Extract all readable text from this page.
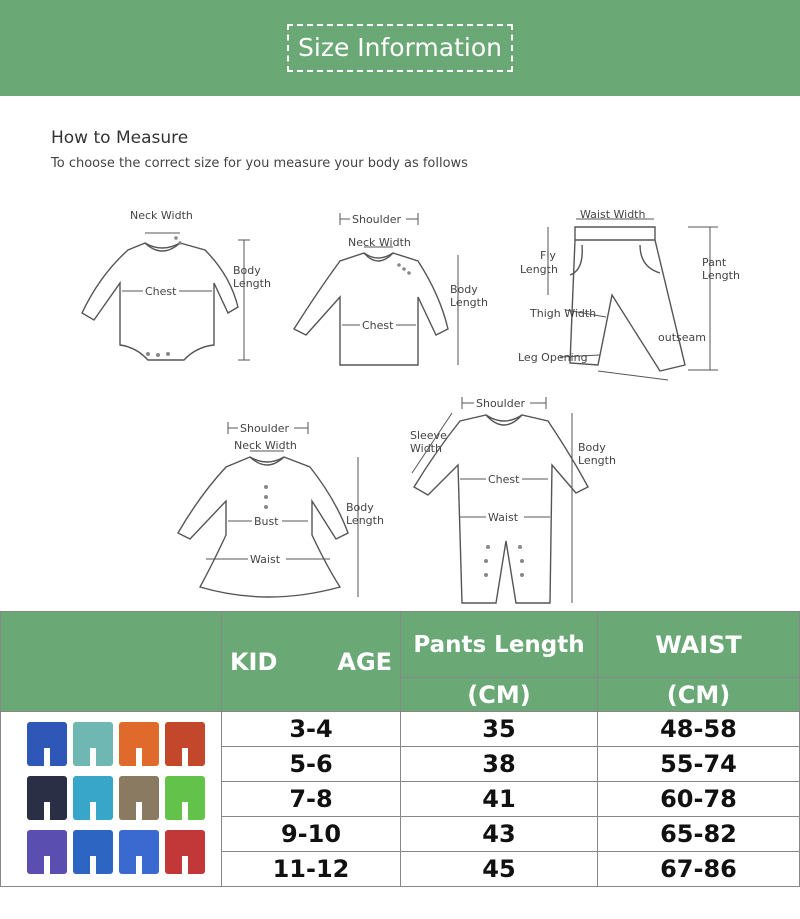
Size Information
How to Measure
To choose the correct size for you measure your body as follows
Neck Width
Chest
Body
Length
Shoulder
Neck Width
Chest
Body
Length
Waist Width
Fly
Length
Thigh Width
Leg Opening
Pant
Length
outseam
Shoulder
Neck Width
Bust
Waist
Body
Length
Shoulder
Sleeve
Width
Chest
Waist
Body
Length
	KID AGE	Pants Length	WAIST
		(CM)	(CM)

	3-4	35	48-58
	5-6	38	55-74
	7-8	41	60-78
	9-10	43	65-82
	11-12	45	67-86
